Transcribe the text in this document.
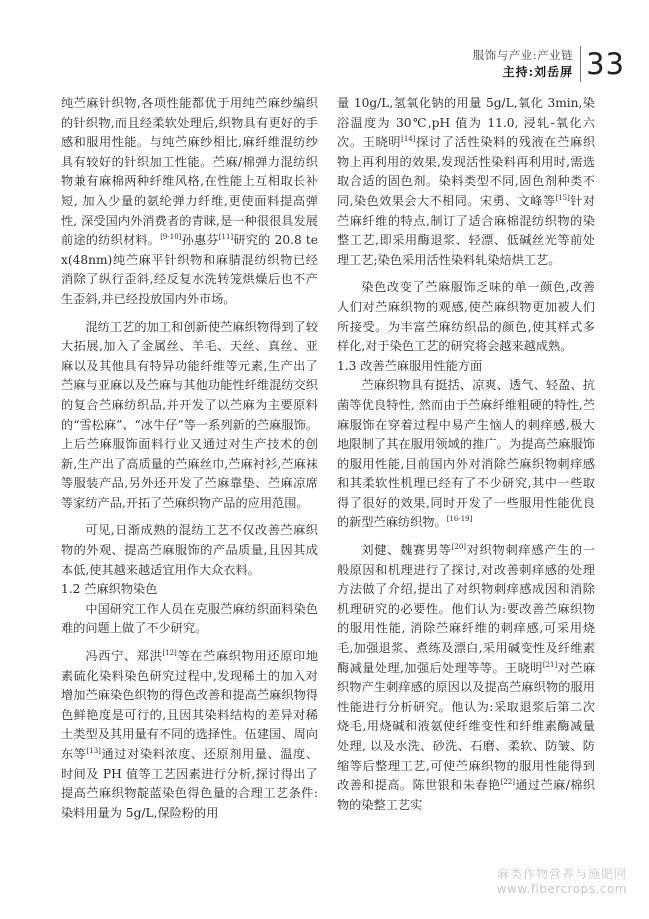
服饰与产业:产业链
主持:刘岳屏 33

纯苎麻针织物,各项性能都优于用纯苎麻纱编织的针织物,而且经柔软处理后,织物具有更好的手感和服用性能。与纯苎麻纱相比,麻纤维混纺纱具有较好的针织加工性能。苎麻/棉弹力混纺织物兼有麻棉两种纤维风格,在性能上互相取长补短, 加入少量的氨纶弹力纤维,更使面料提高弹性, 深受国内外消费者的青睐,是一种很很具发展前途的纺织材料。[9-10]孙惠芬[11]研究的 20.8 tex(48nm)纯苎麻平针织物和麻腈混纺织物已经消除了纵行歪斜,经反复水洗转笼烘燥后也不产生歪斜,并已经投放国内外市场。

混纺工艺的加工和创新使苎麻织物得到了较大拓展,加入了金属丝、羊毛、天丝、真丝、亚麻以及其他具有特异功能纤维等元素,生产出了苎麻与亚麻以及苎麻与其他功能性纤维混纺交织的复合苎麻纺织品,并开发了以苎麻为主要原料的“雪松麻”、“冰牛仔”等一系列新的苎麻服饰。上后苎麻服饰面料行业又通过对生产技术的创新,生产出了高质量的苎麻丝巾,苎麻衬衫,苎麻袜等服装产品,另外还开发了苎麻靠垫、苎麻凉席等家纺产品,开拓了苎麻织物产品的应用范围。

可见,日渐成熟的混纺工艺不仅改善苎麻织物的外观、提高苎麻服饰的产品质量,且因其成本低,使其越来越适宜用作大众衣料。

1.2 苎麻织物染色

中国研究工作人员在克服苎麻纺织面料染色难的问题上做了不少研究。

冯西宁、郑洪[12]等在苎麻织物用还原印地素硫化染料染色研究过程中,发现稀土的加入对增加苎麻染色织物的得色改善和提高苎麻织物得色鲜艳度是可行的,且因其染料结构的差异对稀土类型及其用量有不同的选择性。伍建国、周向东等[13]通过对染料浓度、还原剂用量、温度、时间及 PH 值等工艺因素进行分析,探讨得出了提高苎麻织物靛蓝染色得色量的合理工艺条件:染料用量为 5g/L,保险粉的用

量 10g/L,氢氧化钠的用量 5g/L,氧化 3min,染浴温度为 30℃,pH 值为 11.0, 浸轧-氧化六次。王晓明[14]探讨了活性染料的残液在苎麻织物上再利用的效果,发现活性染料再利用时,需选取合适的固色剂。染料类型不同,固色剂种类不同,染色效果会大不相同。宋勇、文峰等[15]针对苎麻纤维的特点,制订了适合麻棉混纺织物的染整工艺,即采用酶退浆、轻漂、低碱丝光等前处理工艺;染色采用活性染料轧染焙烘工艺。

染色改变了苎麻服饰乏味的单一颜色,改善人们对苎麻织物的观感,使苎麻织物更加被人们所接受。为丰富苎麻纺织品的颜色,使其样式多样化,对于染色工艺的研究将会越来越成熟。

1.3 改善苎麻服用性能方面

苎麻织物具有挺括、凉爽、透气、轻盈、抗菌等优良特性, 然而由于苎麻纤维粗硬的特性,苎麻服饰在穿着过程中易产生恼人的刺痒感,极大地限制了其在服用领域的推广。为提高苎麻服饰的服用性能,目前国内外对消除苎麻织物刺痒感和其柔软性机理已经有了不少研究,其中一些取得了很好的效果,同时开发了一些服用性能优良的新型苎麻纺织物。[16-19]

刘健、魏赛男等[20]对织物刺痒感产生的一般原因和机理进行了探讨,对改善刺痒感的处理方法做了介绍,提出了对织物刺痒感成因和消除机理研究的必要性。他们认为:要改善苎麻织物的服用性能, 消除苎麻纤维的刺痒感,可采用烧毛,加强退浆、煮练及漂白,采用碱变性及纤维素酶减量处理,加强后处理等等。王晓明[21]对苎麻织物产生刺痒感的原因以及提高苎麻织物的服用性能进行分析研究。他认为:采取退浆后第二次烧毛,用烧碱和液氨使纤维变性和纤维素酶减量处理, 以及水洗、砂洗、石磨、柔软、防皱、防缩等后整理工艺,可使苎麻织物的服用性能得到改善和提高。陈世银和朱春艳[22]通过苎麻/棉织物的染整工艺实

麻类作物营养与施肥网
www.fibercrops.com
